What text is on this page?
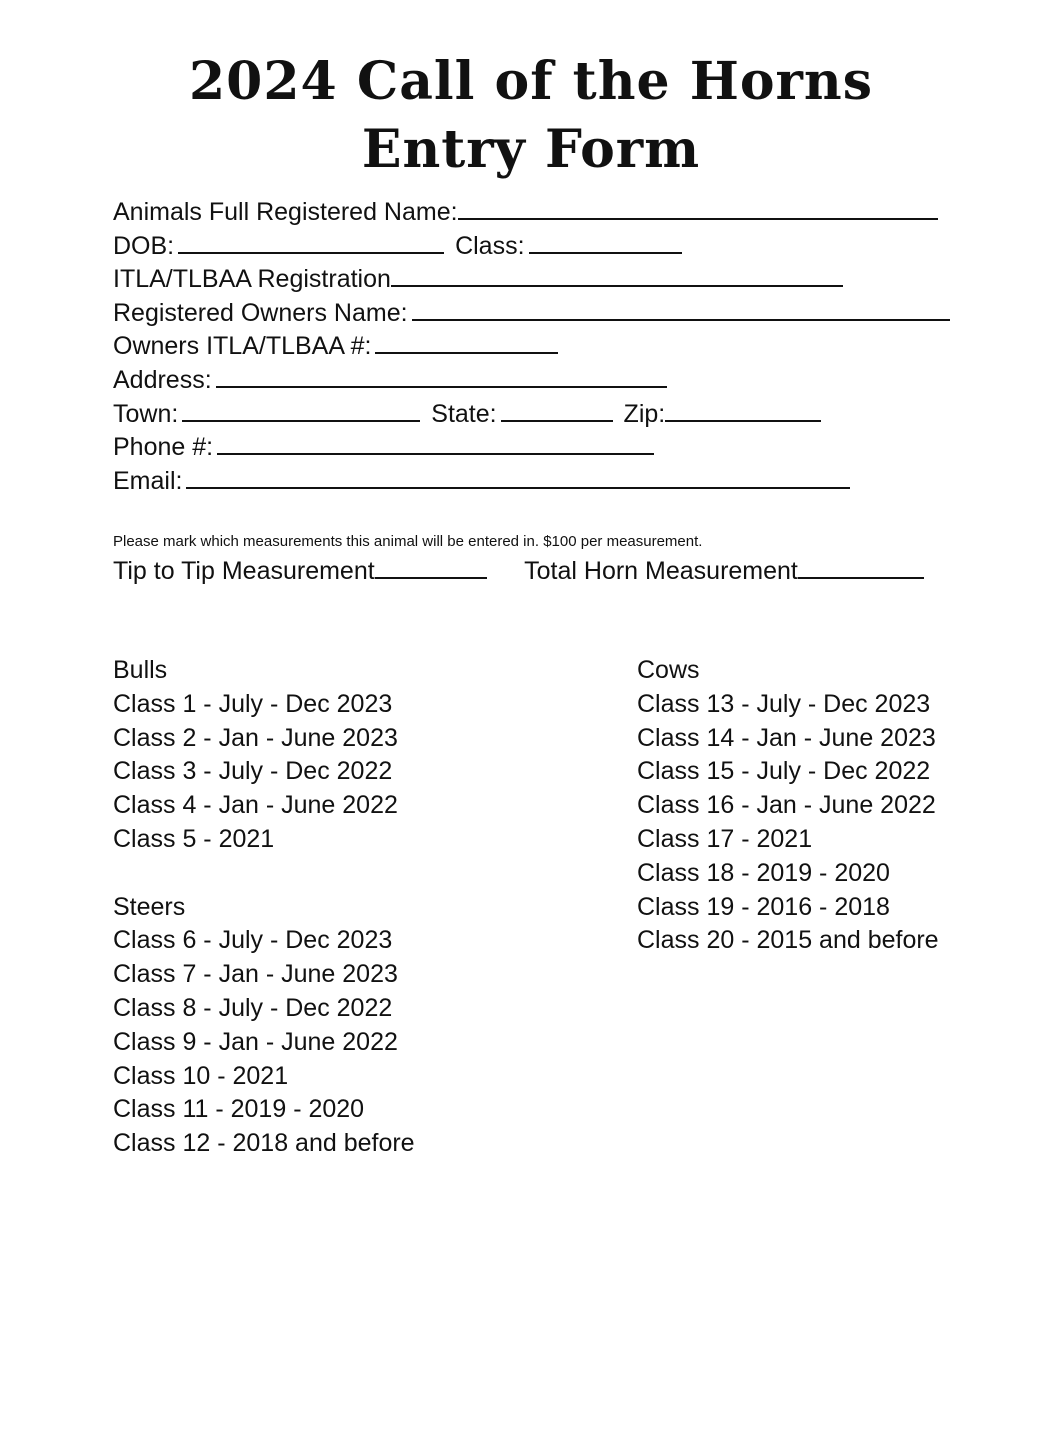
2024 Call of the Horns
Entry Form
Animals Full Registered Name:
DOB:	Class:
ITLA/TLBAA Registration
Registered Owners Name:
Owners ITLA/TLBAA #:
Address:
Town:	State:	Zip:
Phone #:
Email:
Please mark which measurements this animal will be entered in. $100 per measurement.
Tip to Tip Measurement	Total Horn Measurement
Bulls
Class 1 - July - Dec 2023
Class 2 - Jan - June 2023
Class 3 - July - Dec 2022
Class 4 - Jan - June 2022
Class 5 - 2021
Steers
Class 6 - July - Dec 2023
Class 7 - Jan - June 2023
Class 8 - July - Dec 2022
Class 9 - Jan - June 2022
Class 10 - 2021
Class 11 - 2019 - 2020
Class 12 - 2018 and before
Cows
Class 13 - July - Dec 2023
Class 14 - Jan - June 2023
Class 15 - July - Dec 2022
Class 16 - Jan - June 2022
Class 17 - 2021
Class 18 - 2019 - 2020
Class 19 - 2016 - 2018
Class 20 - 2015 and before
